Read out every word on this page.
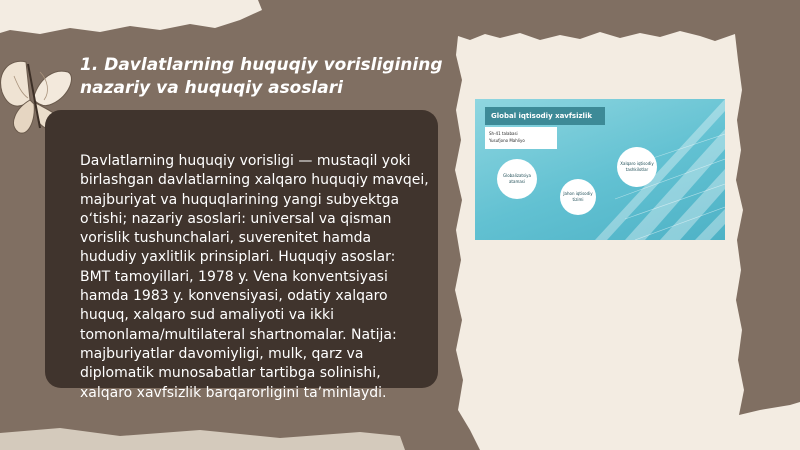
1. Davlatlarning huquqiy vorisligining nazariy va huquqiy asoslari

Davlatlarning huquqiy vorisligi — mustaqil yoki birlashgan davlatlarning xalqaro huquqiy mavqei, majburiyat va huquqlarining yangi subyektga o‘tishi; nazariy asoslari: universal va qisman vorislik tushunchalari, suverenitet hamda hududiy yaxlitlik prinsiplari. Huquqiy asoslar: BMT tamoyillari, 1978 y. Vena konventsiyasi hamda 1983 y. konvensiyasi, odatiy xalqaro huquq, xalqaro sud amaliyoti va ikki tomonlama/multilateral shartnomalar. Natija: majburiyatlar davomiyligi, mulk, qarz va diplomatik munosabatlar tartibga solinishi, xalqaro xavfsizlik barqarorligini ta’minlaydi.

Global iqtisodiy xavfsizlik
Sh-41 talabasi
Yusufjono Mahliyo
Globalizatsiya atamasi
Jahon iqtisodiy tizimi
Xalqaro iqtisodiy tashkilotlar
